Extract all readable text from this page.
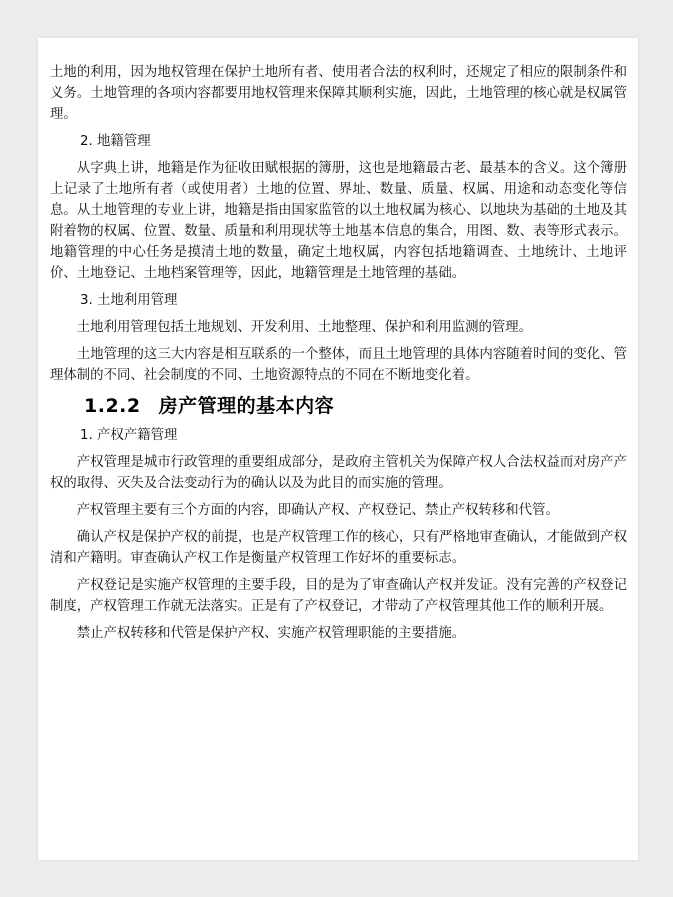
土地的利用，因为地权管理在保护土地所有者、使用者合法的权利时，还规定了相应的限制条件和义务。土地管理的各项内容都要用地权管理来保障其顺利实施，因此，土地管理的核心就是权属管理。

2. 地籍管理

从字典上讲，地籍是作为征收田赋根据的簿册，这也是地籍最古老、最基本的含义。这个簿册上记录了土地所有者（或使用者）土地的位置、界址、数量、质量、权属、用途和动态变化等信息。从土地管理的专业上讲，地籍是指由国家监管的以土地权属为核心、以地块为基础的土地及其附着物的权属、位置、数量、质量和利用现状等土地基本信息的集合，用图、数、表等形式表示。地籍管理的中心任务是摸清土地的数量，确定土地权属，内容包括地籍调查、土地统计、土地评价、土地登记、土地档案管理等，因此，地籍管理是土地管理的基础。

3. 土地利用管理

土地利用管理包括土地规划、开发利用、土地整理、保护和利用监测的管理。

土地管理的这三大内容是相互联系的一个整体，而且土地管理的具体内容随着时间的变化、管理体制的不同、社会制度的不同、土地资源特点的不同在不断地变化着。

1.2.2 房产管理的基本内容

1. 产权产籍管理

产权管理是城市行政管理的重要组成部分，是政府主管机关为保障产权人合法权益而对房产产权的取得、灭失及合法变动行为的确认以及为此目的而实施的管理。

产权管理主要有三个方面的内容，即确认产权、产权登记、禁止产权转移和代管。

确认产权是保护产权的前提，也是产权管理工作的核心，只有严格地审查确认，才能做到产权清和产籍明。审查确认产权工作是衡量产权管理工作好坏的重要标志。

产权登记是实施产权管理的主要手段，目的是为了审查确认产权并发证。没有完善的产权登记制度，产权管理工作就无法落实。正是有了产权登记，才带动了产权管理其他工作的顺利开展。

禁止产权转移和代管是保护产权、实施产权管理职能的主要措施。
